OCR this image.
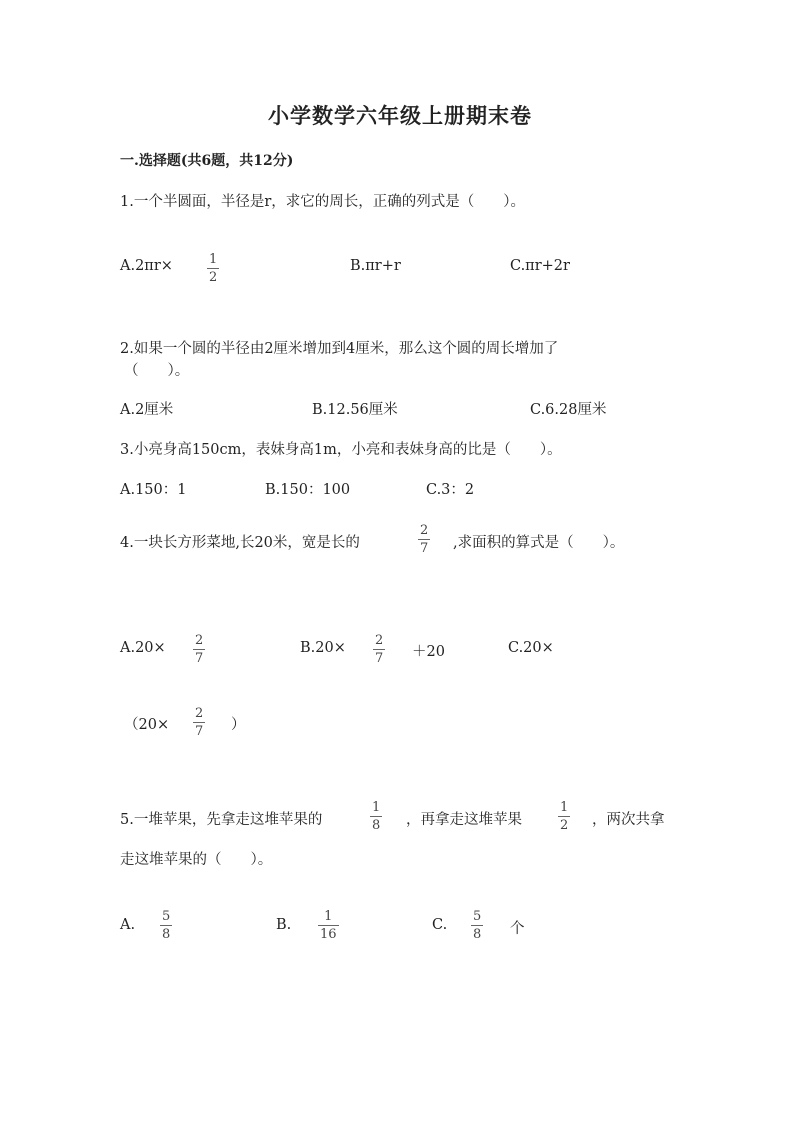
小学数学六年级上册期末卷
一.选择题(共6题，共12分)
1.一个半圆面，半径是r，求它的周长，正确的列式是（　　）。
A.2πr×	1
2
B.πr+r	C.πr+2r
2.如果一个圆的半径由2厘米增加到4厘米，那么这个圆的周长增加了
（　　）。
A.2厘米	B.12.56厘米	C.6.28厘米
3.小亮身高150cm，表妹身高1m，小亮和表妹身高的比是（　　）。
A.150：1	B.150：100	C.3：2
4.一块长方形菜地,长20米，宽是长的
2
7 ,求面积的算式是（　　）。
A.20× 2
7
B.20× 2
7 ＋20	C.20×
（20×
2
7 ）
5.一堆苹果，先拿走这堆苹果的
1
8 ，再拿走这堆苹果
1
2 ，两次共拿
走这堆苹果的（　　）。
A.
5
8
B.
1
16
C.
5
8 个
